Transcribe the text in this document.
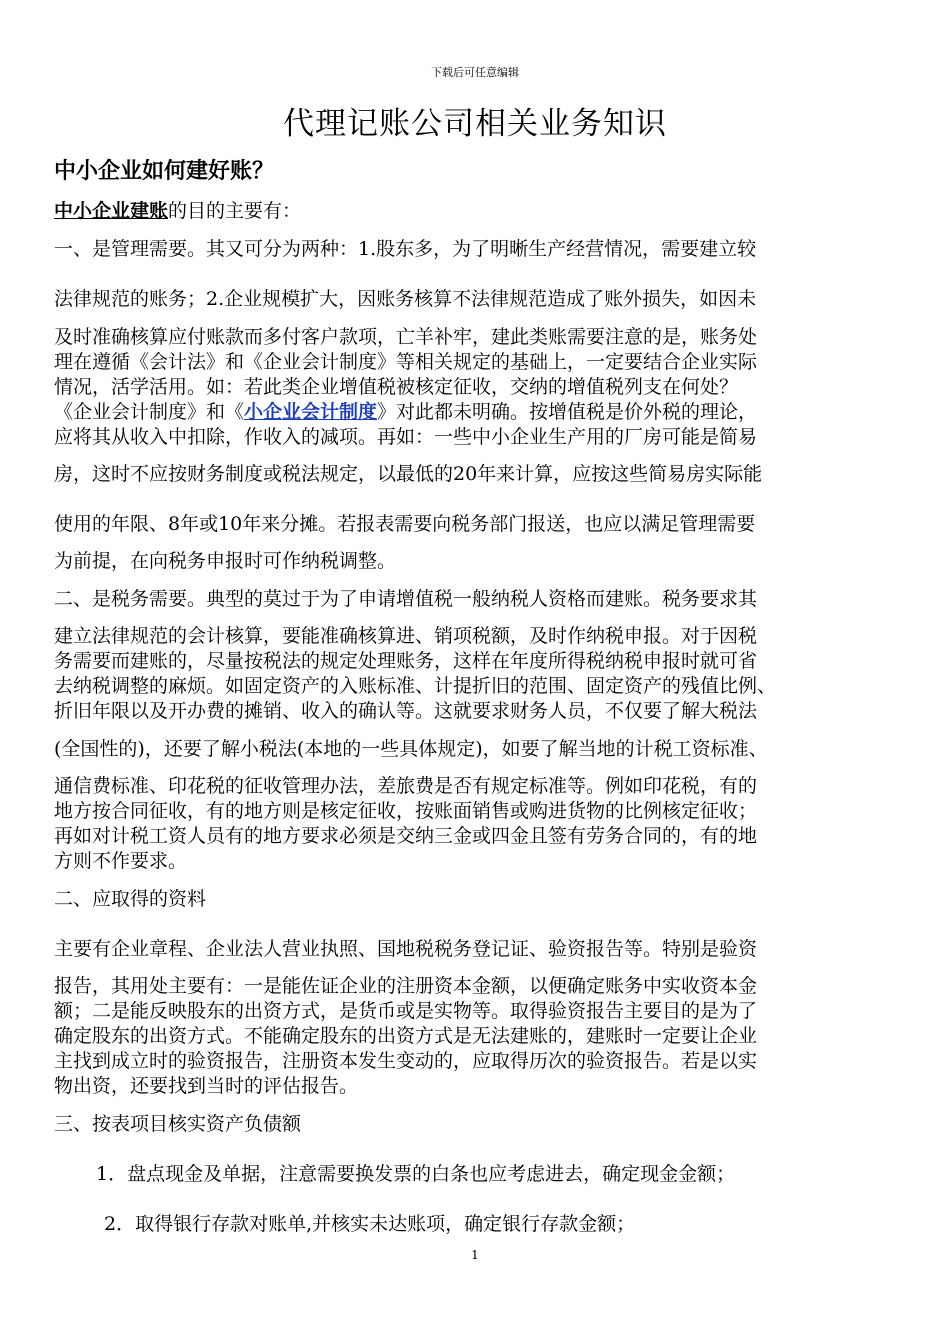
下载后可任意编辑
代理记账公司相关业务知识
中小企业如何建好账？
中小企业建账的目的主要有：
一、是管理需要。其又可分为两种：1.股东多，为了明晰生产经营情况，需要建立较
法律规范的账务；2.企业规模扩大，因账务核算不法律规范造成了账外损失，如因未
及时准确核算应付账款而多付客户款项，亡羊补牢，建此类账需要注意的是，账务处
理在遵循《会计法》和《企业会计制度》等相关规定的基础上，一定要结合企业实际
情况，活学活用。如：若此类企业增值税被核定征收，交纳的增值税列支在何处？
《企业会计制度》和《小企业会计制度》对此都未明确。按增值税是价外税的理论，
应将其从收入中扣除，作收入的减项。再如：一些中小企业生产用的厂房可能是简易
房，这时不应按财务制度或税法规定，以最低的20年来计算，应按这些简易房实际能
使用的年限、8年或10年来分摊。若报表需要向税务部门报送，也应以满足管理需要
为前提，在向税务申报时可作纳税调整。
二、是税务需要。典型的莫过于为了申请增值税一般纳税人资格而建账。税务要求其
建立法律规范的会计核算，要能准确核算进、销项税额，及时作纳税申报。对于因税
务需要而建账的，尽量按税法的规定处理账务，这样在年度所得税纳税申报时就可省
去纳税调整的麻烦。如固定资产的入账标准、计提折旧的范围、固定资产的残值比例、
折旧年限以及开办费的摊销、收入的确认等。这就要求财务人员，不仅要了解大税法
(全国性的)，还要了解小税法(本地的一些具体规定)，如要了解当地的计税工资标准、
通信费标准、印花税的征收管理办法，差旅费是否有规定标准等。例如印花税，有的
地方按合同征收，有的地方则是核定征收，按账面销售或购进货物的比例核定征收；
再如对计税工资人员有的地方要求必须是交纳三金或四金且签有劳务合同的，有的地
方则不作要求。
二、应取得的资料
主要有企业章程、企业法人营业执照、国地税税务登记证、验资报告等。特别是验资
报告，其用处主要有：一是能佐证企业的注册资本金额，以便确定账务中实收资本金
额；二是能反映股东的出资方式，是货币或是实物等。取得验资报告主要目的是为了
确定股东的出资方式。不能确定股东的出资方式是无法建账的，建账时一定要让企业
主找到成立时的验资报告，注册资本发生变动的，应取得历次的验资报告。若是以实
物出资，还要找到当时的评估报告。
三、按表项目核实资产负债额
1．盘点现金及单据，注意需要换发票的白条也应考虑进去，确定现金金额；
2．取得银行存款对账单,并核实未达账项，确定银行存款金额；
1
